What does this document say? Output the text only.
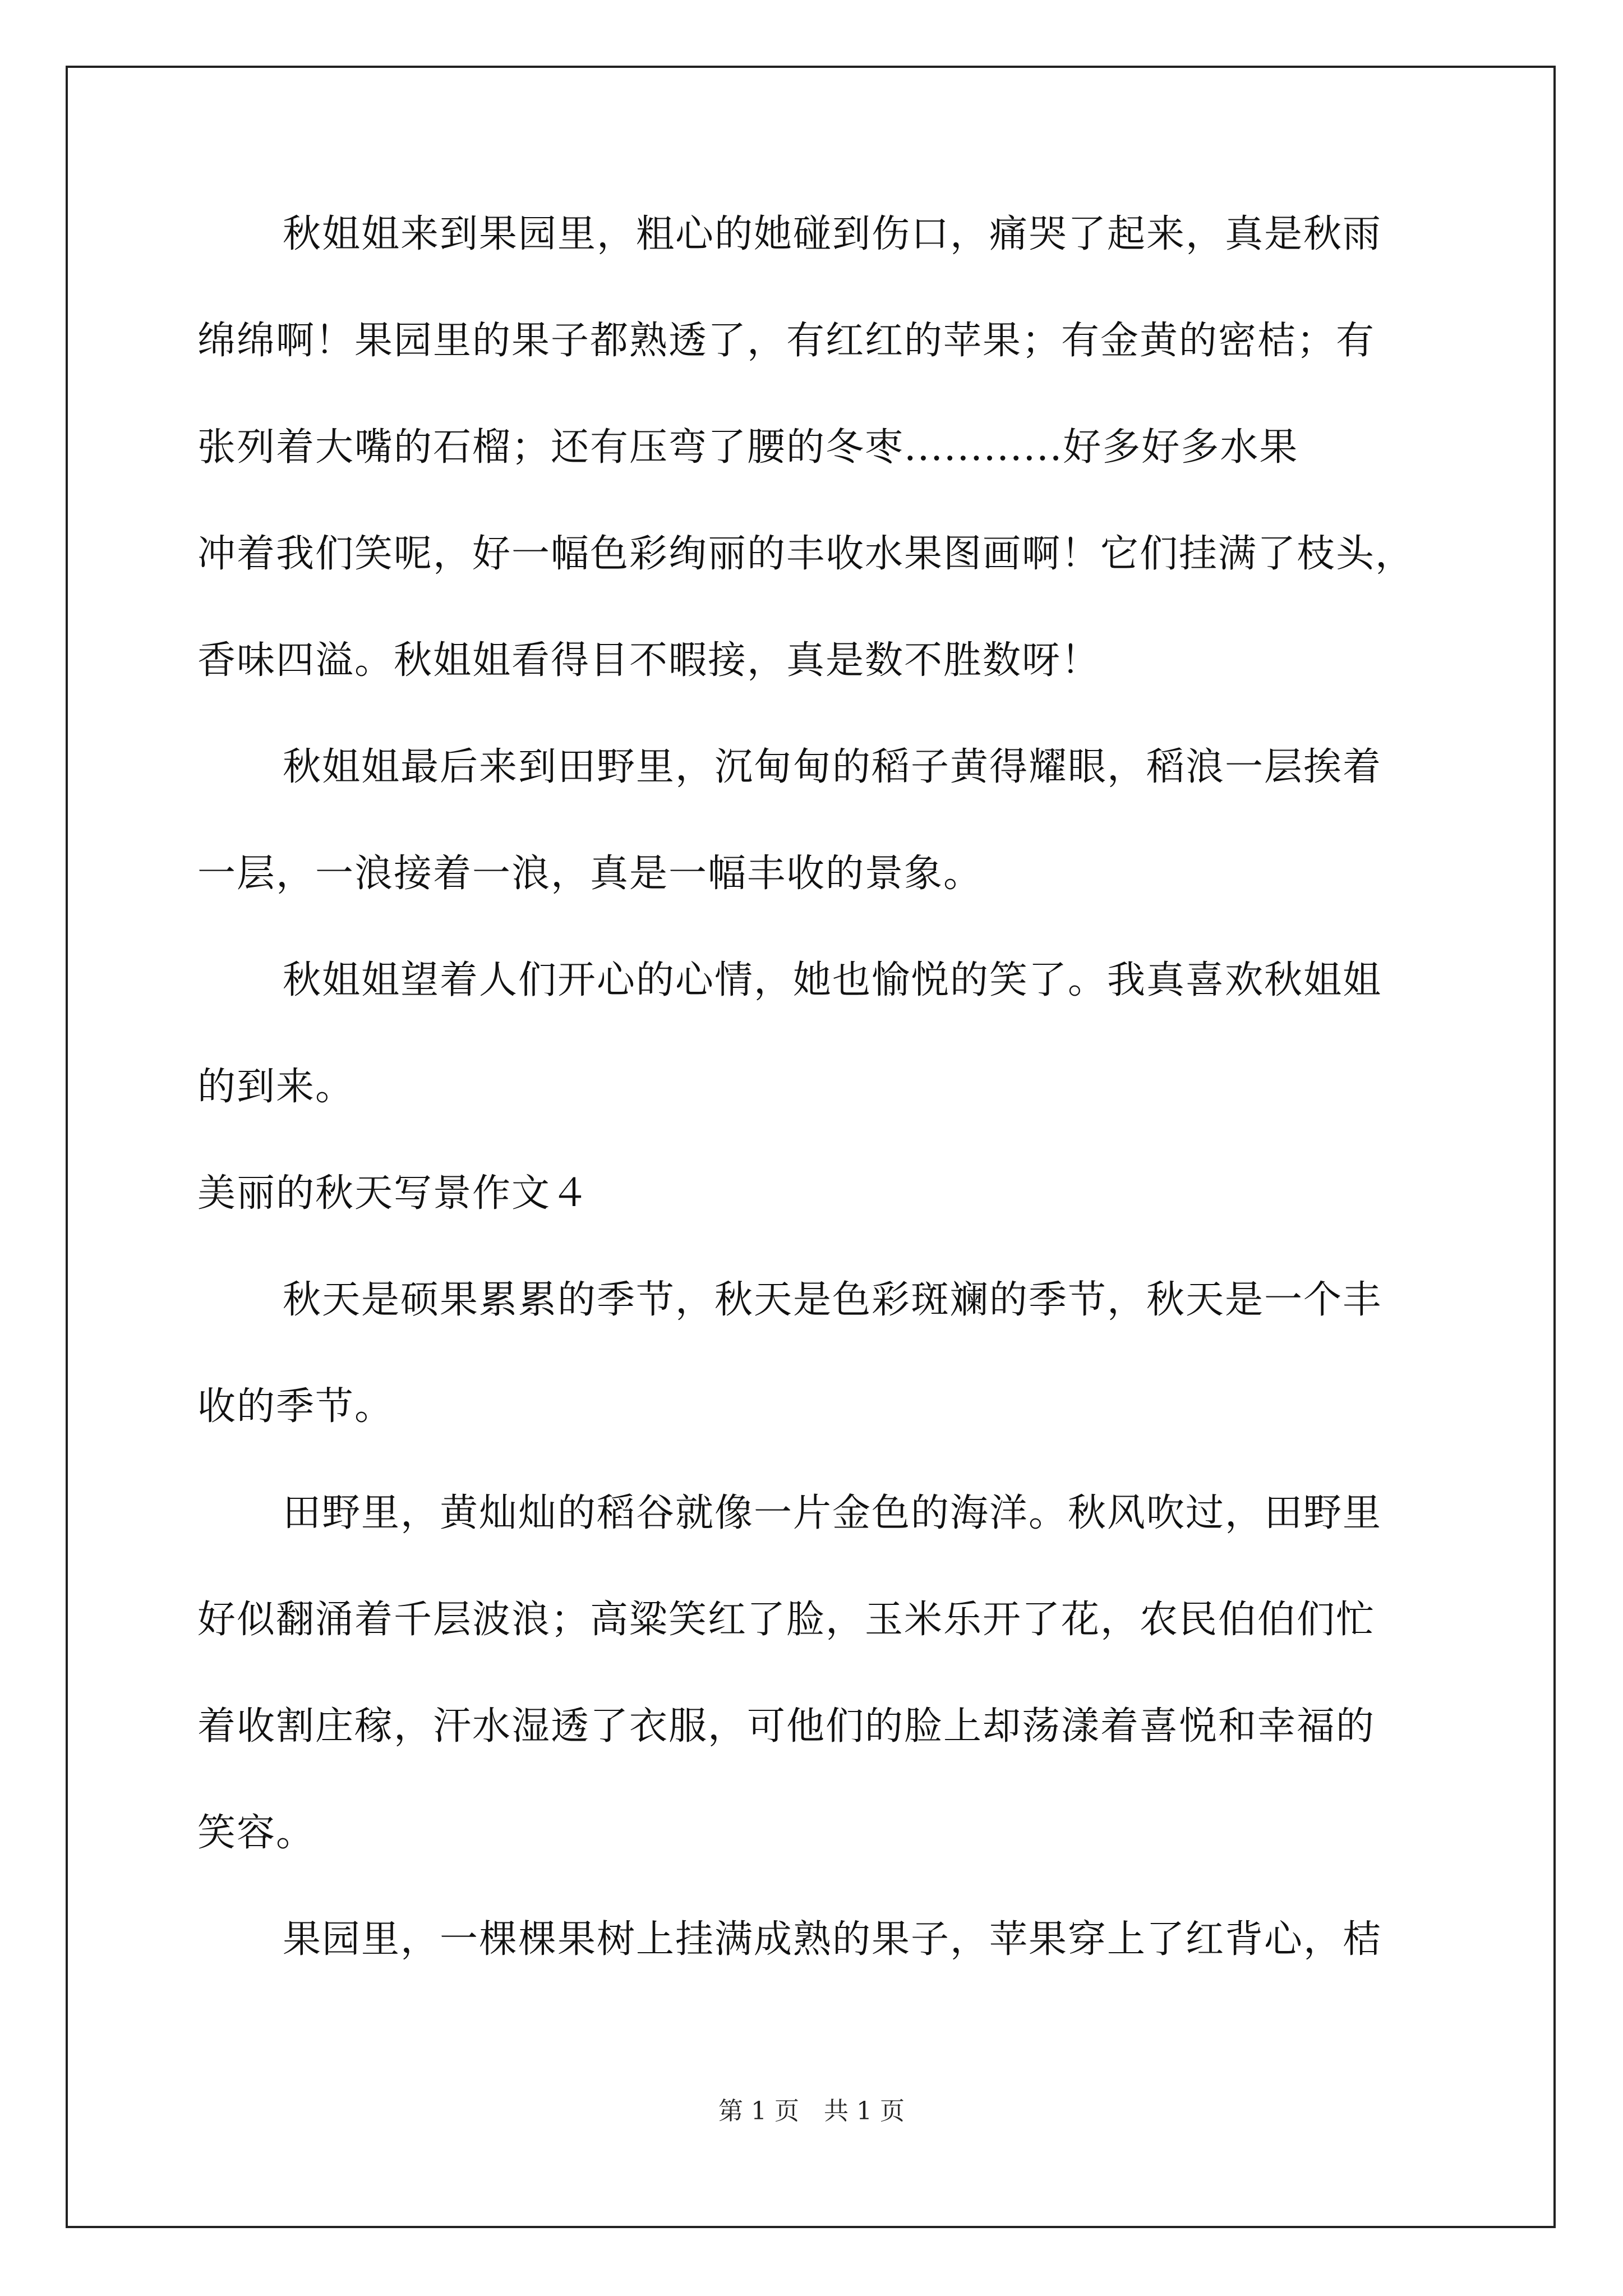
秋姐姐来到果园里，粗心的她碰到伤口，痛哭了起来，真是秋雨
绵绵啊！果园里的果子都熟透了，有红红的苹果；有金黄的密桔；有
张列着大嘴的石榴；还有压弯了腰的冬枣............好多好多水果
冲着我们笑呢，好一幅色彩绚丽的丰收水果图画啊！它们挂满了枝头，
香味四溢。秋姐姐看得目不暇接，真是数不胜数呀！
秋姐姐最后来到田野里，沉甸甸的稻子黄得耀眼，稻浪一层挨着
一层，一浪接着一浪，真是一幅丰收的景象。
秋姐姐望着人们开心的心情，她也愉悦的笑了。我真喜欢秋姐姐
的到来。
美丽的秋天写景作文４
秋天是硕果累累的季节，秋天是色彩斑斓的季节，秋天是一个丰
收的季节。
田野里，黄灿灿的稻谷就像一片金色的海洋。秋风吹过，田野里
好似翻涌着千层波浪；高粱笑红了脸，玉米乐开了花，农民伯伯们忙
着收割庄稼，汗水湿透了衣服，可他们的脸上却荡漾着喜悦和幸福的
笑容。
果园里，一棵棵果树上挂满成熟的果子，苹果穿上了红背心，桔
第 1 页　共 1 页
